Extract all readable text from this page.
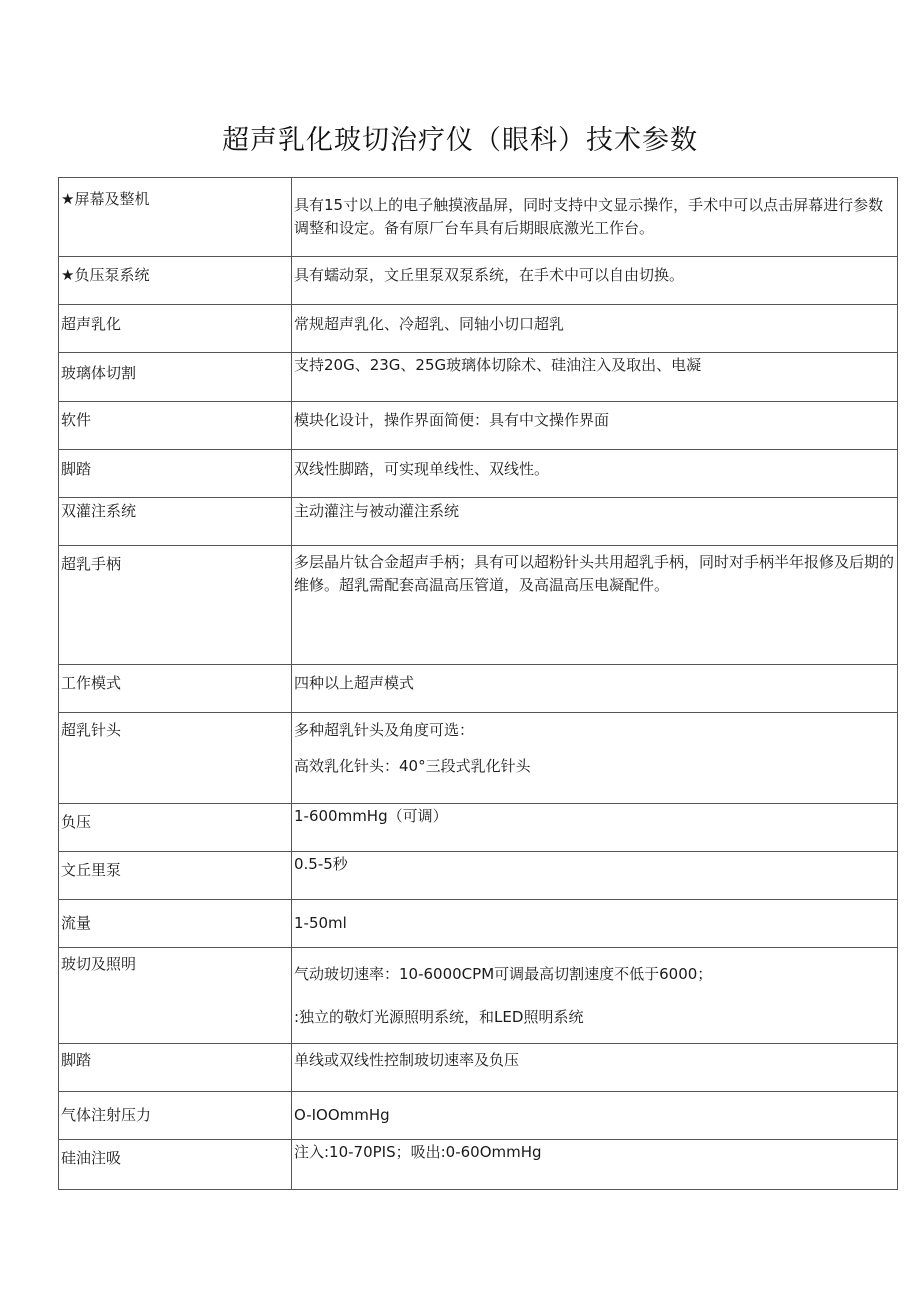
超声乳化玻切治疗仪（眼科）技术参数
★屏幕及整机	具有15寸以上的电子触摸液晶屏，同时支持中文显示操作，手术中可以点击屏幕进行参数调整和设定。备有原厂台车具有后期眼底激光工作台。

★负压泵系统	具有蠕动泵，文丘里泵双泵系统，在手术中可以自由切换。

超声乳化	常规超声乳化、冷超乳、同轴小切口超乳

玻璃体切割	支持20G、23G、25G玻璃体切除术、硅油注入及取出、电凝

软件	模块化设计，操作界面简便：具有中文操作界面

脚踏	双线性脚踏，可实现单线性、双线性。

双灌注系统	主动灌注与被动灌注系统

超乳手柄	多层晶片钛合金超声手柄；具有可以超粉针头共用超乳手柄，同时对手柄半年报修及后期的维修。超乳需配套高温高压管道，及高温高压电凝配件。

工作模式	四种以上超声模式

超乳针头	多种超乳针头及角度可选：
高效乳化针头：40°三段式乳化针头

负压	1-600mmHg（可调）

文丘里泵	0.5-5秒

流量	1-50ml

玻切及照明	气动玻切速率：10-6000CPM可调最高切割速度不低于6000；
:独立的敬灯光源照明系统，和LED照明系统

脚踏	单线或双线性控制玻切速率及负压

气体注射压力	O-IOOmmHg

硅油注吸	注入:10-70PIS；吸出:0-60OmmHg
